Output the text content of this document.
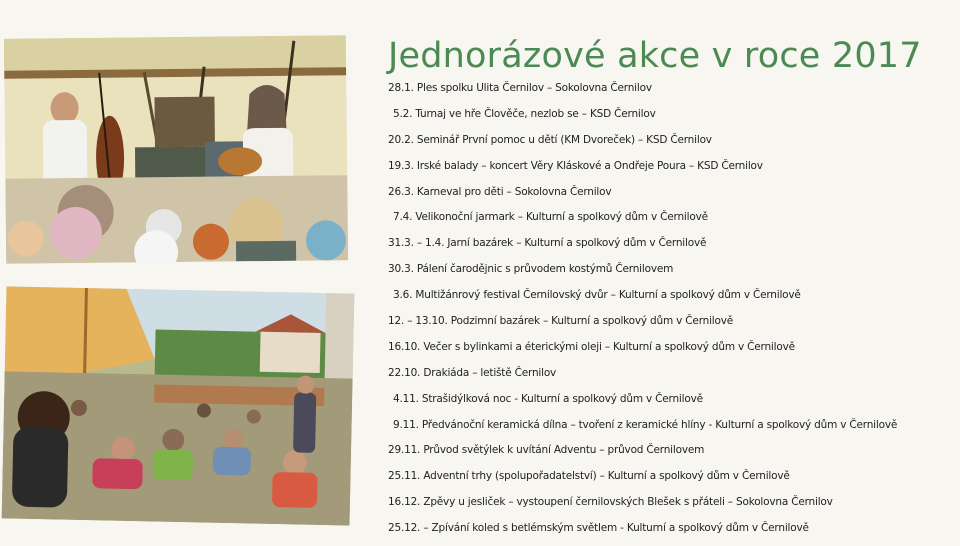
Jednorázové akce v roce 2017
28.1. Ples spolku Ulita Černilov – Sokolovna Černilov
5.2. Turnaj ve hře Člověče, nezlob se – KSD Černilov
20.2. Seminář První pomoc u dětí (KM Dvoreček) – KSD Černilov
19.3. Irské balady – koncert Věry Kláskové a Ondřeje Poura – KSD Černilov
26.3. Karneval pro děti – Sokolovna Černilov
7.4. Velikonoční jarmark – Kulturní a spolkový dům v Černilově
31.3. – 1.4. Jarní bazárek – Kulturní a spolkový dům v Černilově
30.3. Pálení čarodějnic s průvodem kostýmů Černilovem
3.6. Multižánrový festival Černilovský dvůr – Kulturní a spolkový dům v Černilově
12. – 13.10. Podzimní bazárek – Kulturní a spolkový dům v Černilově
16.10. Večer s bylinkami a éterickými oleji – Kulturní a spolkový dům v Černilově
22.10. Drakiáda – letiště Černilov
4.11. Strašidýlková noc - Kulturní a spolkový dům v Černilově
9.11. Předvánoční keramická dílna – tvoření z keramické hlíny - Kulturní a spolkový dům v Černilově
29.11. Průvod světýlek k uvítání Adventu – průvod Černilovem
25.11. Adventní trhy (spolupořadatelství) – Kulturní a spolkový dům v Černilově
16.12. Zpěvy u jesliček – vystoupení černilovských Blešek s přáteli – Sokolovna Černilov
25.12. – Zpívání koled s betlémským světlem - Kulturní a spolkový dům v Černilově
